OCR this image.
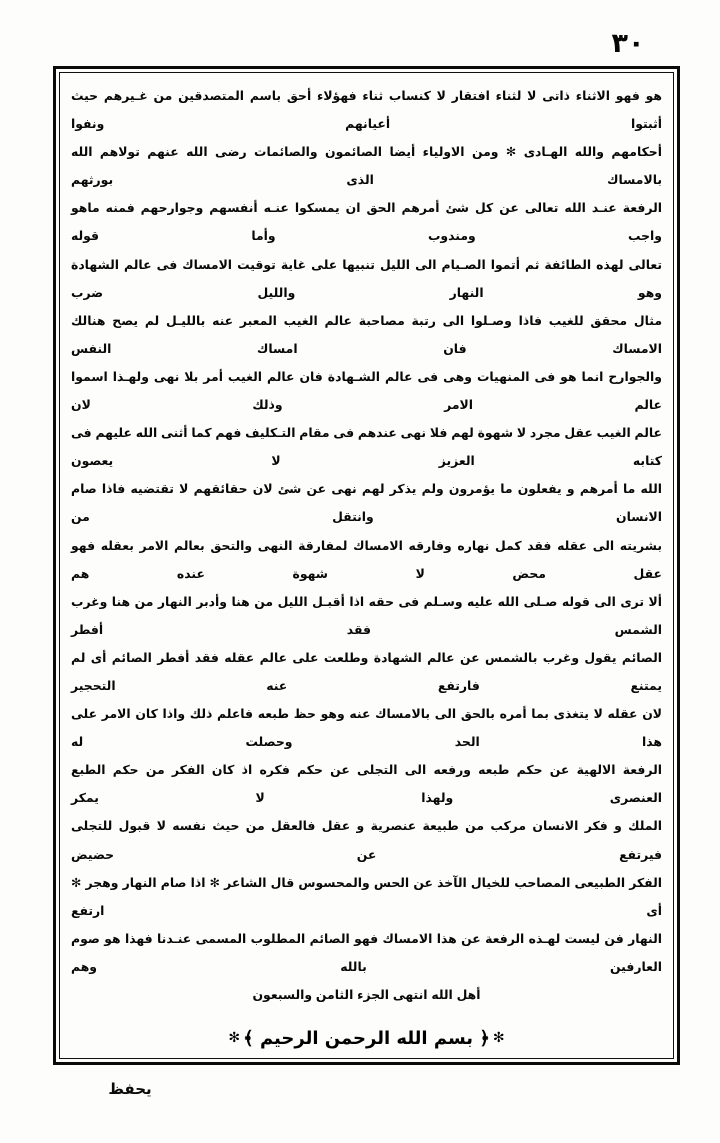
٣٠

هو فهو الاثناء ذاتى لا لثناء افتقار لا كنساب ثناء فهؤلاء أحق باسم المتصدقين من غـيرهم حيث أثبتوا أعيانهم ونفوا

أحكامهم والله الهـادى ✻ ومن الاولياء أيضا الصائمون والصائمات رضى الله عنهم تولاهم الله بالامساك الذى بورثهم

الرفعة عنـد الله تعالى عن كل شئ أمرهم الحق ان يمسكوا عنـه أنفسهم وجوارحهم فمنه ماهو واجب ومندوب وأما قوله

تعالى لهذه الطائفة ثم أتموا الصـيام الى الليل تنبيها على غاية توقيت الامساك فى عالم الشهادة وهو النهار والليل ضرب

مثال محقق للغيب فاذا وصـلوا الى رتبة مصاحبة عالم الغيب المعبر عنه بالليـل لم يصح هنالك الامساك فان امساك النفس

والجوارح انما هو فى المنهيات وهى فى عالم الشـهادة فان عالم الغيب أمر بلا نهى ولهـذا اسموا عالم الامر وذلك لان

عالم الغيب عقل مجرد لا شهوة لهم فلا نهى عندهم فى مقام التـكليف فهم كما أثنى الله عليهم فى كتابه العزيز لا يعصون

الله ما أمرهم و يفعلون ما يؤمرون ولم يذكر لهم نهى عن شئ لان حقائقهم لا تقتضيه فاذا صام الانسان وانتقل من

بشريته الى عقله فقد كمل نهاره وفارقه الامساك لمفارقة النهى والتحق بعالم الامر بعقله فهو عقل محض لا شهوة عنده هم

ألا ترى الى قوله صـلى الله عليه وسـلم فى حقه اذا أقبـل الليل من هنا وأدبر النهار من هنا وغرب الشمس فقد أفطر

الصائم يقول وغرب بالشمس عن عالم الشهادة وطلعت على عالم عقله فقد أفطر الصائم أى لم يمتنع فارتفع عنه التحجير

لان عقله لا يتغذى بما أمره بالحق الى بالامساك عنه وهو حظ طبعه فاعلم ذلك واذا كان الامر على هذا الحد وحصلت له

الرفعة الالهية عن حكم طبعه ورفعه الى التجلى عن حكم فكره اذ كان الفكر من حكم الطبع العنصرى ولهذا لا يمكر

الملك و فكر الانسان مركب من طبيعة عنصرية و عقل فالعقل من حيث نفسه لا قبول للتجلى فيرتفع عن حضيض

الفكر الطبيعى المصاحب للخيال الآخذ عن الحس والمحسوس قال الشاعر ✻ اذا صام النهار وهجر ✻ أى ارتفع

النهار فن ليست لهـذه الرفعة عن هذا الامساك فهو الصائم المطلوب المسمى عنـدنا فهذا هو صوم العارفين بالله وهم

أهل الله انتهى الجزء الثامن والسبعون

✻﴿ بسم الله الرحمن الرحيم ﴾✻

يحفظ
